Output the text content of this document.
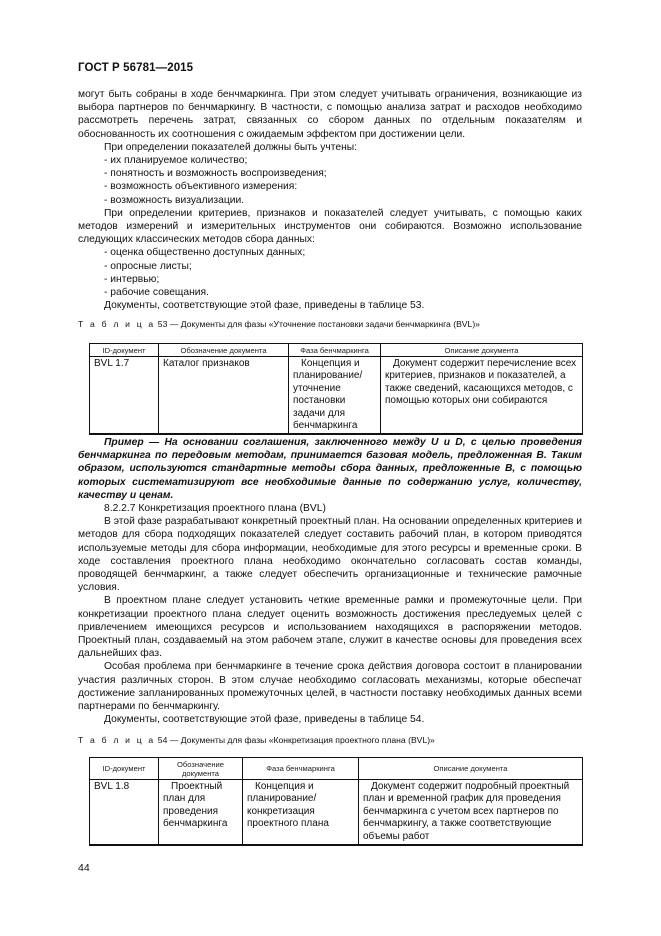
ГОСТ Р 56781—2015

могут быть собраны в ходе бенчмаркинга. При этом следует учитывать ограничения, возникающие из выбора партнеров по бенчмаркингу. В частности, с помощью анализа затрат и расходов необходимо рассмотреть перечень затрат, связанных со сбором данных по отдельным показателям и обоснованность их соотношения с ожидаемым эффектом при достижении цели.

При определении показателей должны быть учтены:

- их планируемое количество;

- понятность и возможность воспроизведения;

- возможность объективного измерения:

- возможность визуализации.

При определении критериев, признаков и показателей следует учитывать, с помощью каких методов измерений и измерительных инструментов они собираются. Возможно использование следующих классических методов сбора данных:

- оценка общественно доступных данных;

- опросные листы;

- интервью;

- рабочие совещания.

Документы, соответствующие этой фазе, приведены в таблице 53.

Т а б л и ц а 53 — Документы для фазы «Уточнение постановки задачи бенчмаркинга (BVL)»
ID-документ	Обозначение документа	Фаза бенчмаркинга	Описание документа
BVL 1.7	Каталог признаков	Концепция и планирование/ уточнение постановки задачи для бенчмаркинга	Документ содержит перечисление всех критериев, признаков и показателей, а также сведений, касающихся методов, с помощью которых они собираются

Пример — На основании соглашения, заключенного между U и D, с целью проведения бенчмаркинга по передовым методам, принимается базовая модель, предложенная B. Таким образом, используются стандартные методы сбора данных, предложенные B, с помощью которых систематизируют все необходимые данные по содержанию услуг, количеству, качеству и ценам.

8.2.2.7 Конкретизация проектного плана (BVL)

В этой фазе разрабатывают конкретный проектный план. На основании определенных критериев и методов для сбора подходящих показателей следует составить рабочий план, в котором приводятся используемые методы для сбора информации, необходимые для этого ресурсы и временные сроки. В ходе составления проектного плана необходимо окончательно согласовать состав команды, проводящей бенчмаркинг, а также следует обеспечить организационные и технические рамочные условия.

В проектном плане следует установить четкие временные рамки и промежуточные цели. При конкретизации проектного плана следует оценить возможность достижения преследуемых целей с привлечением имеющихся ресурсов и использованием находящихся в распоряжении методов. Проектный план, создаваемый на этом рабочем этапе, служит в качестве основы для проведения всех дальнейших фаз.

Особая проблема при бенчмаркинге в течение срока действия договора состоит в планировании участия различных сторон. В этом случае необходимо согласовать механизмы, которые обеспечат достижение запланированных промежуточных целей, в частности поставку необходимых данных всеми партнерами по бенчмаркингу.

Документы, соответствующие этой фазе, приведены в таблице 54.

Т а б л и ц а 54 — Документы для фазы «Конкретизация проектного плана (BVL)»
ID-документ	Обозначение документа	Фаза бенчмаркинга	Описание документа
BVL 1.8	Проектный план для проведения бенчмаркинга	Концепция и планирование/ конкретизация проектного плана	Документ содержит подробный проектный план и временной график для проведения бенчмаркинга с учетом всех партнеров по бенчмаркингу, а также соответствующие объемы работ
44
